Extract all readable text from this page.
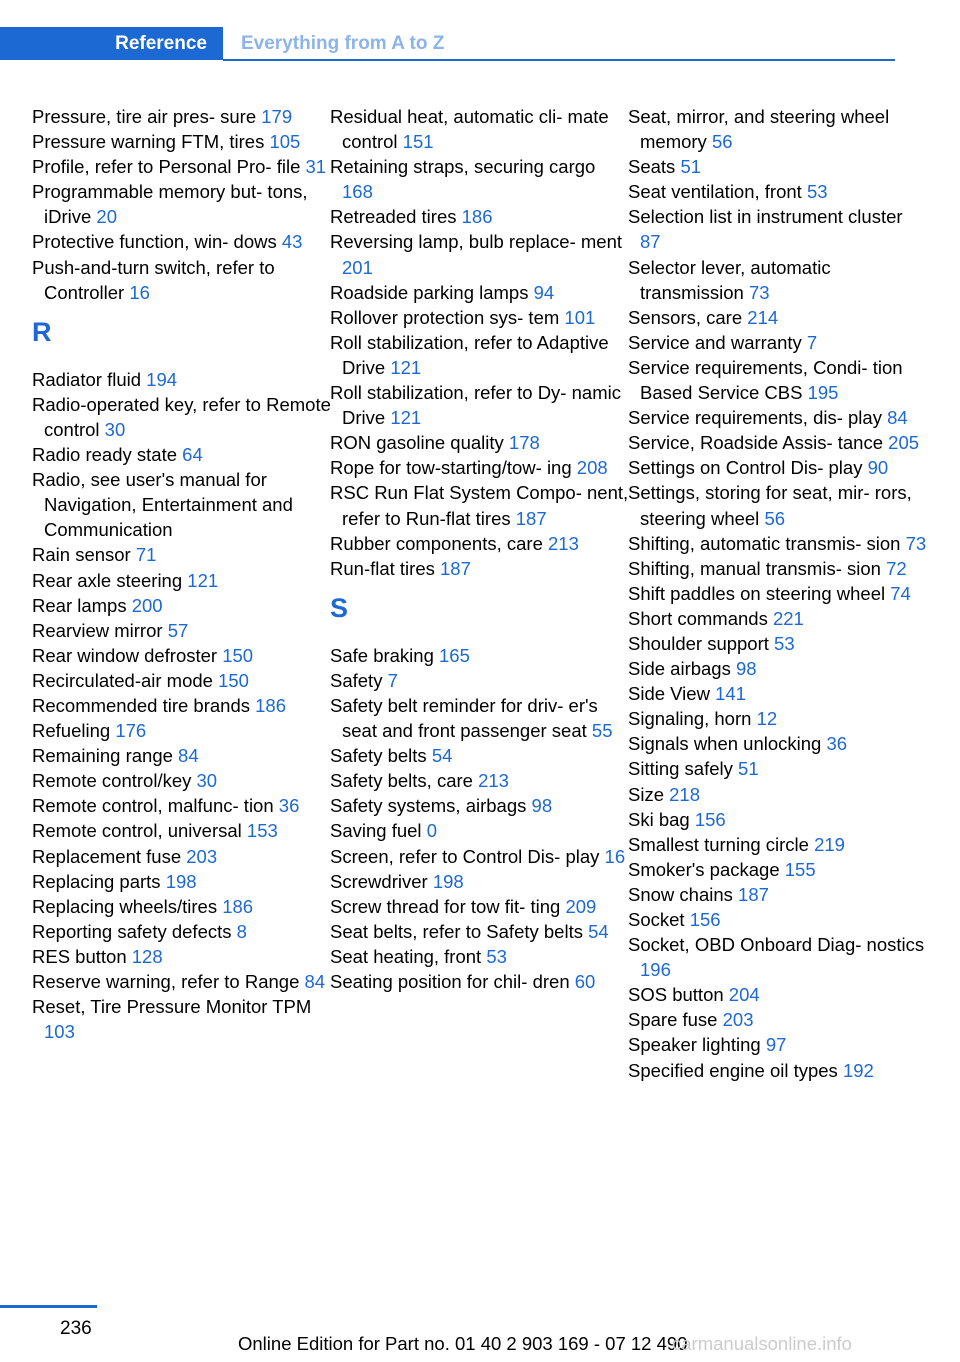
Reference	Everything from A to Z

Pressure, tire air pres‐ sure 179

Pressure warning FTM, tires 105

Profile, refer to Personal Pro‐ file 31

Programmable memory but‐ tons, iDrive 20

Protective function, win‐ dows 43

Push-and-turn switch, refer to Controller 16

R

Radiator fluid 194

Radio-operated key, refer to Remote control 30

Radio ready state 64

Radio, see user's manual for Navigation, Entertainment and Communication

Rain sensor 71

Rear axle steering 121

Rear lamps 200

Rearview mirror 57

Rear window defroster 150

Recirculated-air mode 150

Recommended tire brands 186

Refueling 176

Remaining range 84

Remote control/key 30

Remote control, malfunc‐ tion 36

Remote control, universal 153

Replacement fuse 203

Replacing parts 198

Replacing wheels/tires 186

Reporting safety defects 8

RES button 128

Reserve warning, refer to Range 84

Reset, Tire Pressure Monitor TPM 103

Residual heat, automatic cli‐ mate control 151

Retaining straps, securing cargo 168

Retreaded tires 186

Reversing lamp, bulb replace‐ ment 201

Roadside parking lamps 94

Rollover protection sys‐ tem 101

Roll stabilization, refer to Adaptive Drive 121

Roll stabilization, refer to Dy‐ namic Drive 121

RON gasoline quality 178

Rope for tow-starting/tow‐ ing 208

RSC Run Flat System Compo‐ nent, refer to Run-flat tires 187

Rubber components, care 213

Run-flat tires 187

S

Safe braking 165

Safety 7

Safety belt reminder for driv‐ er's seat and front passenger seat 55

Safety belts 54

Safety belts, care 213

Safety systems, airbags 98

Saving fuel 0

Screen, refer to Control Dis‐ play 16

Screwdriver 198

Screw thread for tow fit‐ ting 209

Seat belts, refer to Safety belts 54

Seat heating, front 53

Seating position for chil‐ dren 60

Seat, mirror, and steering wheel memory 56

Seats 51

Seat ventilation, front 53

Selection list in instrument cluster 87

Selector lever, automatic transmission 73

Sensors, care 214

Service and warranty 7

Service requirements, Condi‐ tion Based Service CBS 195

Service requirements, dis‐ play 84

Service, Roadside Assis‐ tance 205

Settings on Control Dis‐ play 90

Settings, storing for seat, mir‐ rors, steering wheel 56

Shifting, automatic transmis‐ sion 73

Shifting, manual transmis‐ sion 72

Shift paddles on steering wheel 74

Short commands 221

Shoulder support 53

Side airbags 98

Side View 141

Signaling, horn 12

Signals when unlocking 36

Sitting safely 51

Size 218

Ski bag 156

Smallest turning circle 219

Smoker's package 155

Snow chains 187

Socket 156

Socket, OBD Onboard Diag‐ nostics 196

SOS button 204

Spare fuse 203

Speaker lighting 97

Specified engine oil types 192

236
Online Edition for Part no. 01 40 2 903 169 - 07 12 490
carmanualsonline.info
